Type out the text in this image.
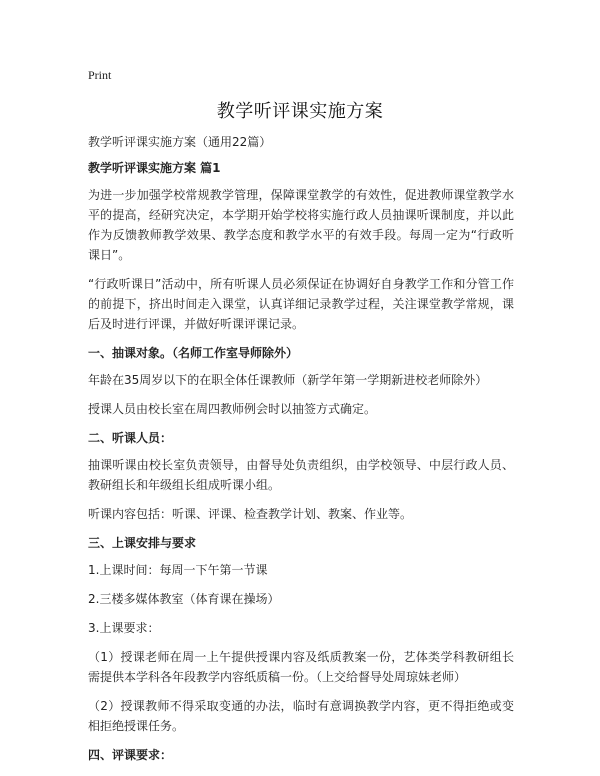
Print
教学听评课实施方案

教学听评课实施方案（通用22篇）

教学听评课实施方案 篇1

为进一步加强学校常规教学管理，保障课堂教学的有效性，促进教师课堂教学水平的提高，经研究决定，本学期开始学校将实施行政人员抽课听课制度，并以此作为反馈教师教学效果、教学态度和教学水平的有效手段。每周一定为“行政听课日”。

“行政听课日”活动中，所有听课人员必须保证在协调好自身教学工作和分管工作的前提下，挤出时间走入课堂，认真详细记录教学过程，关注课堂教学常规，课后及时进行评课，并做好听课评课记录。

一、抽课对象。（名师工作室导师除外）

年龄在35周岁以下的在职全体任课教师（新学年第一学期新进校老师除外）

授课人员由校长室在周四教师例会时以抽签方式确定。

二、听课人员：

抽课听课由校长室负责领导，由督导处负责组织，由学校领导、中层行政人员、教研组长和年级组长组成听课小组。

听课内容包括：听课、评课、检查教学计划、教案、作业等。

三、上课安排与要求

1.上课时间：每周一下午第一节课

2.三楼多媒体教室（体育课在操场）

3.上课要求：

（1）授课老师在周一上午提供授课内容及纸质教案一份，艺体类学科教研组长需提供本学科各年段教学内容纸质稿一份。（上交给督导处周琼妹老师）

（2）授课教师不得采取变通的办法，临时有意调换教学内容，更不得拒绝或变相拒绝授课任务。

四、评课要求：
